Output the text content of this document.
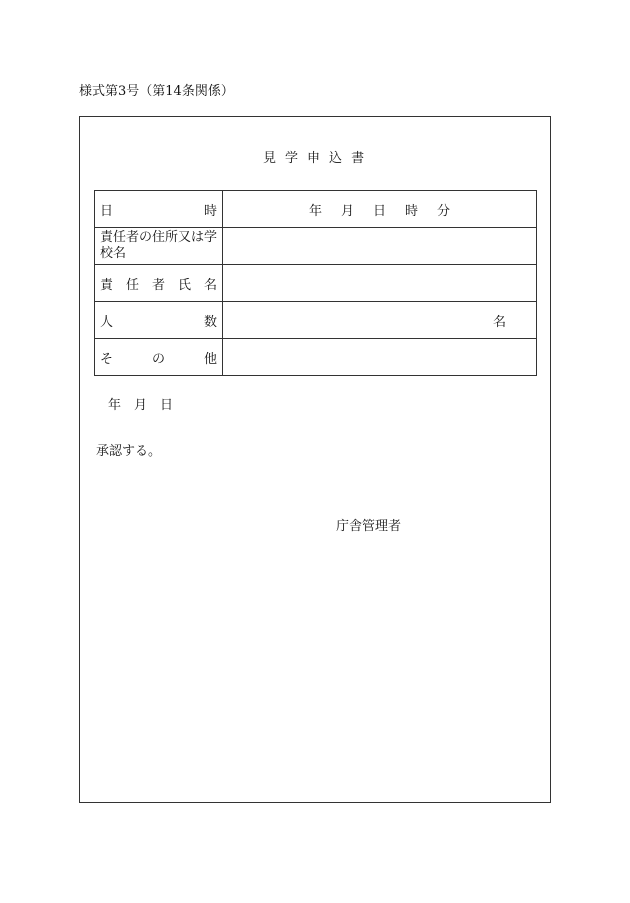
様式第3号（第14条関係）
見学申込書
日 時	年 月 日 時 分

責任者の住所又は学校名	

責 任 者 氏 名	

人 数	名

そ の 他	

年 月 日
承認する。
庁舎管理者
